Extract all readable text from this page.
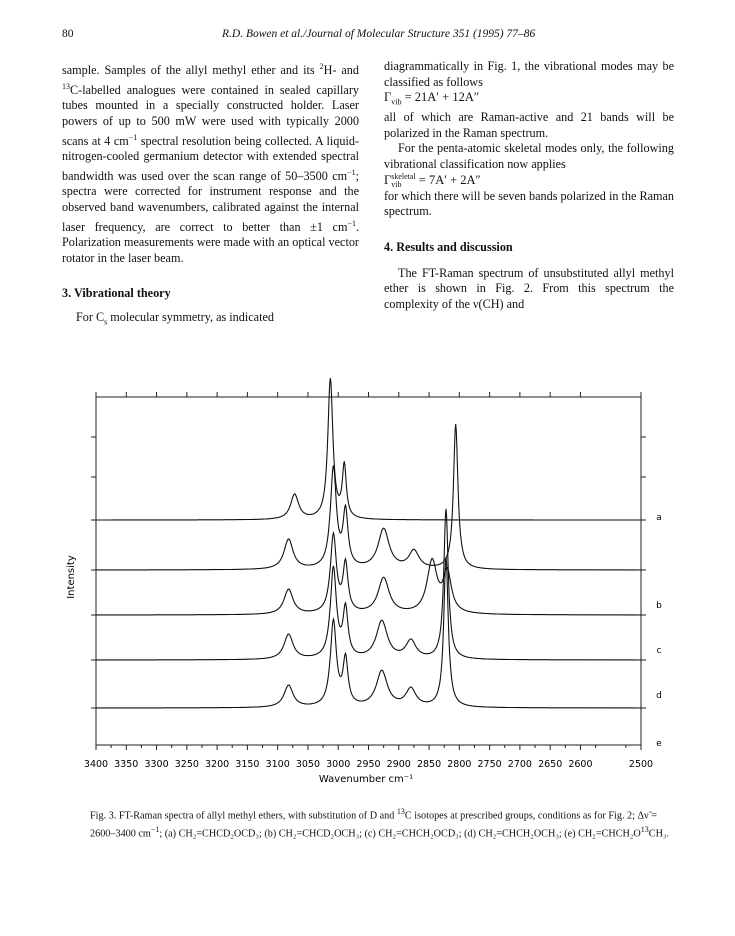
80	R.D. Bowen et al./Journal of Molecular Structure 351 (1995) 77–86

sample. Samples of the allyl methyl ether and its $^2$H- and $^{13}$C-labelled analogues were contained in sealed capillary tubes mounted in a specially constructed holder. Laser powers of up to 500 mW were used with typically 2000 scans at 4 $cm^{-1}$ spectral resolution being collected. A liquid-nitrogen-cooled germanium detector with extended spectral bandwidth was used over the scan range of 50–3500 $cm^{-1}$; spectra were corrected for instrument response and the observed band wavenumbers, calibrated against the internal laser frequency, are correct to better than ±1 $cm^{-1}$. Polarization measurements were made with an optical vector rotator in the laser beam.

3. Vibrational theory

For $C_s$ molecular symmetry, as indicated

diagrammatically in Fig. 1, the vibrational modes may be classified as follows

$\Gamma_{vib} = 21A' + 12A''$

all of which are Raman-active and 21 bands will be polarized in the Raman spectrum.

For the penta-atomic skeletal modes only, the following vibrational classification now applies

Γ skeletal
vib	= 7A′ + 2A″

for which there will be seven bands polarized in the Raman spectrum.

4. Results and discussion

The FT-Raman spectrum of unsubstituted allyl methyl ether is shown in Fig. 2. From this spectrum the complexity of the ν(CH) and

3400 3350 3300 3250 3200 3150 3100 3050 3000 2950 2900 2850 2800 2750 2700 2650 2600	2500
a
b
c
d
e
Wavenumber cm⁻¹
Intensity
Fig. 3. FT-Raman spectra of allyl methyl ethers, with substitution of D and $^{13}$C isotopes at prescribed groups, conditions as for Fig. 2; Δν̃ = 2600–3400 $cm^{-1}$; (a) CH₂=CHCD₂OCD₃; (b) CH₂=CHCD₂OCH₃; (c) CH₂=CHCH₂OCD₃; (d) CH₂=CHCH₂OCH₃; (e) $CH_2=CHCH_2O^{13}CH_3$.
